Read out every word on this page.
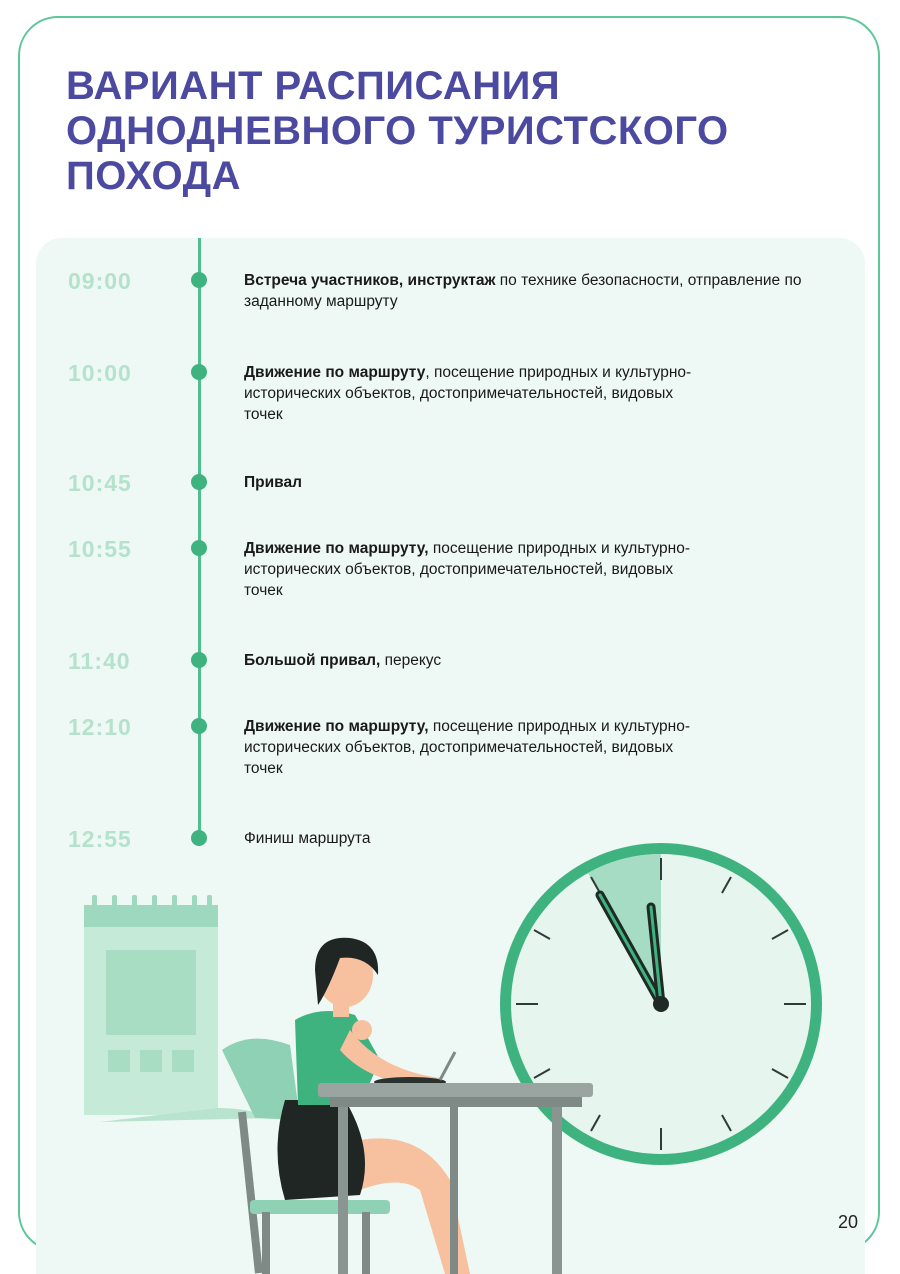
ВАРИАНТ РАСПИСАНИЯ ОДНОДНЕВНОГО ТУРИСТСКОГО ПОХОДА
09:00	Встреча участников, инструктаж по технике безопасности, отправление по заданному маршруту
10:00	Движение по маршруту, посещение природных и культурно-исторических объектов, достопримечательностей, видовых точек
10:45	Привал
10:55	Движение по маршруту, посещение природных и культурно-исторических объектов, достопримечательностей, видовых точек
11:40	Большой привал, перекус
12:10	Движение по маршруту, посещение природных и культурно-исторических объектов, достопримечательностей, видовых точек
12:55	Финиш маршрута
20
